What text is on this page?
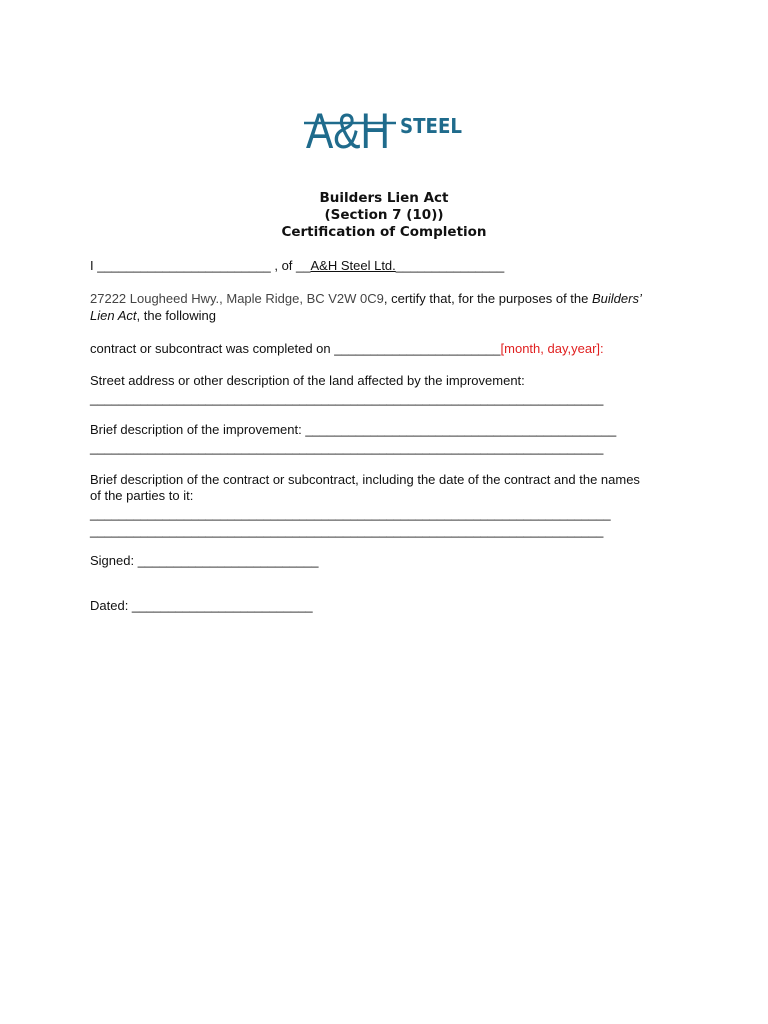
A&H STEEL
Builders Lien Act
(Section 7 (10))
Certification of Completion
I ________________________ , of __A&H Steel Ltd._______________
27222 Lougheed Hwy., Maple Ridge, BC V2W 0C9, certify that, for the purposes of the Builders’
Lien Act, the following
contract or subcontract was completed on _______________________[month, day,year]:
Street address or other description of the land affected by the improvement:
_______________________________________________________________________
Brief description of the improvement: ___________________________________________
_______________________________________________________________________
Brief description of the contract or subcontract, including the date of the contract and the names
of the parties to it:
________________________________________________________________________
_______________________________________________________________________
Signed: _________________________
Dated: _________________________
